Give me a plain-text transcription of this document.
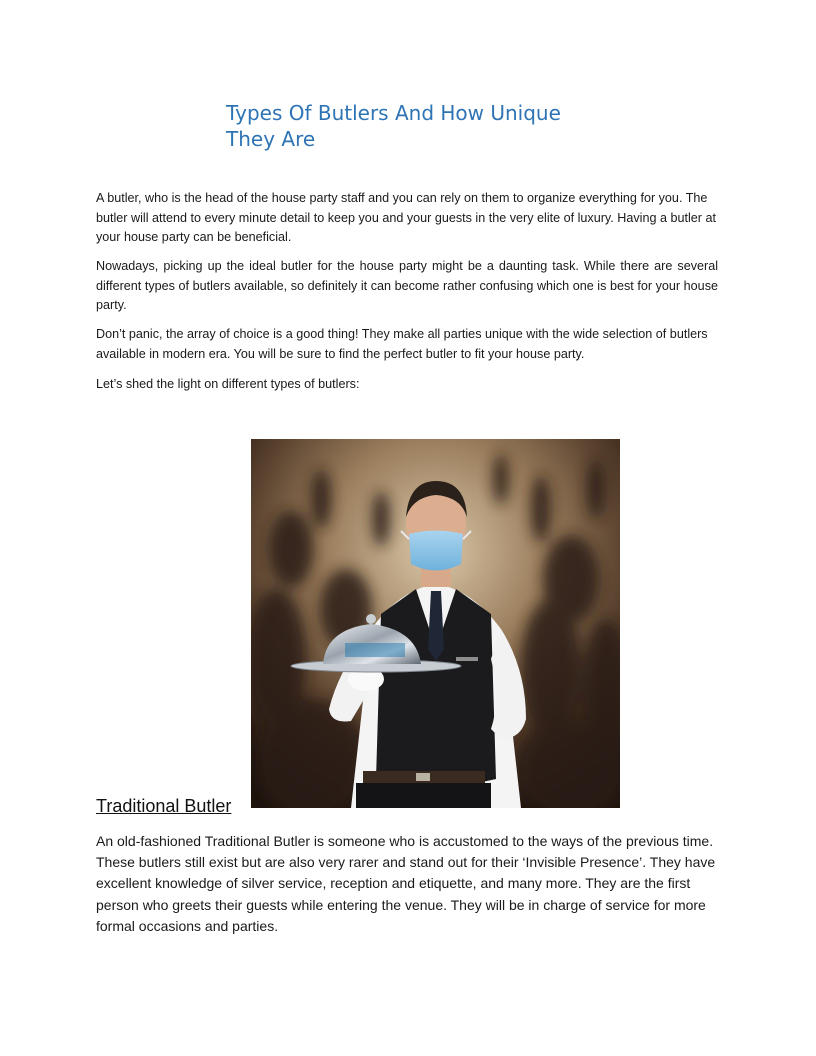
Types Of Butlers And How Unique
They Are

A butler, who is the head of the house party staff and you can rely on them to organize everything for you. The butler will attend to every minute detail to keep you and your guests in the very elite of luxury. Having a butler at your house party can be beneficial.

Nowadays, picking up the ideal butler for the house party might be a daunting task. While there are several different types of butlers available, so definitely it can become rather confusing which one is best for your house party.

Don’t panic, the array of choice is a good thing! They make all parties unique with the wide selection of butlers available in modern era. You will be sure to find the perfect butler to fit your house party.

Let’s shed the light on different types of butlers:

Traditional Butler

An old-fashioned Traditional Butler is someone who is accustomed to the ways of the previous time. These butlers still exist but are also very rarer and stand out for their ‘Invisible Presence’. They have excellent knowledge of silver service, reception and etiquette, and many more. They are the first person who greets their guests while entering the venue. They will be in charge of service for more formal occasions and parties.
